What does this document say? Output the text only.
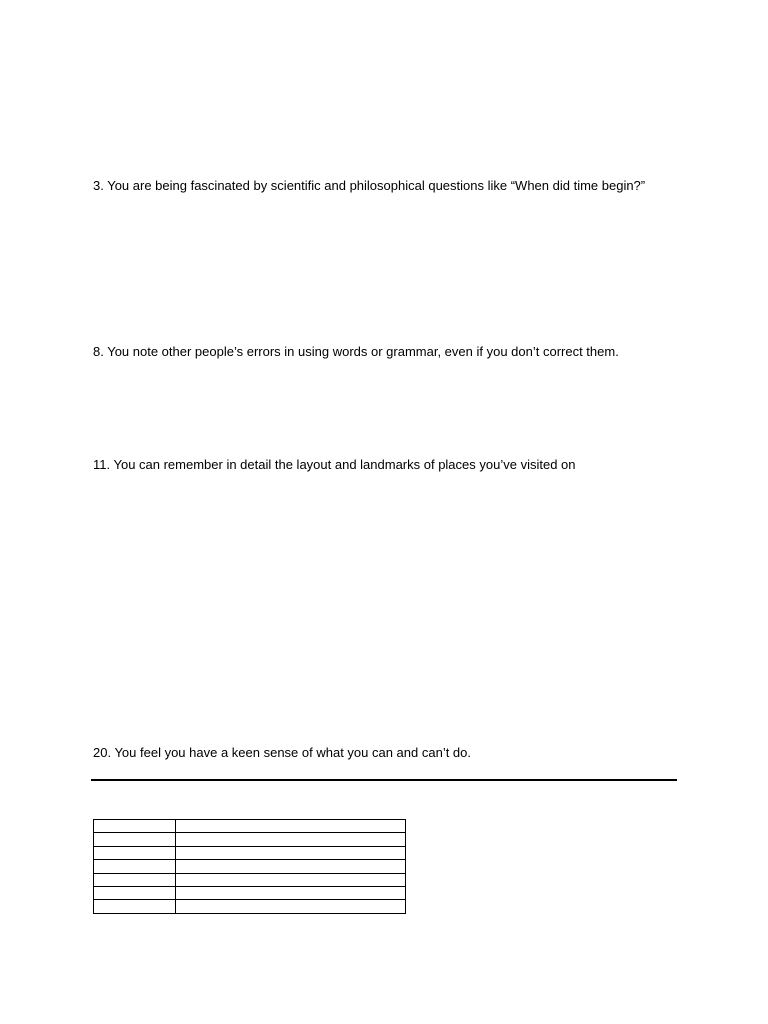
3. You are being fascinated by scientific and philosophical questions like “When did time begin?”

8. You note other people’s errors in using words or grammar, even if you don’t correct them.

11. You can remember in detail the layout and landmarks of places you’ve visited on

20. You feel you have a keen sense of what you can and can’t do.
